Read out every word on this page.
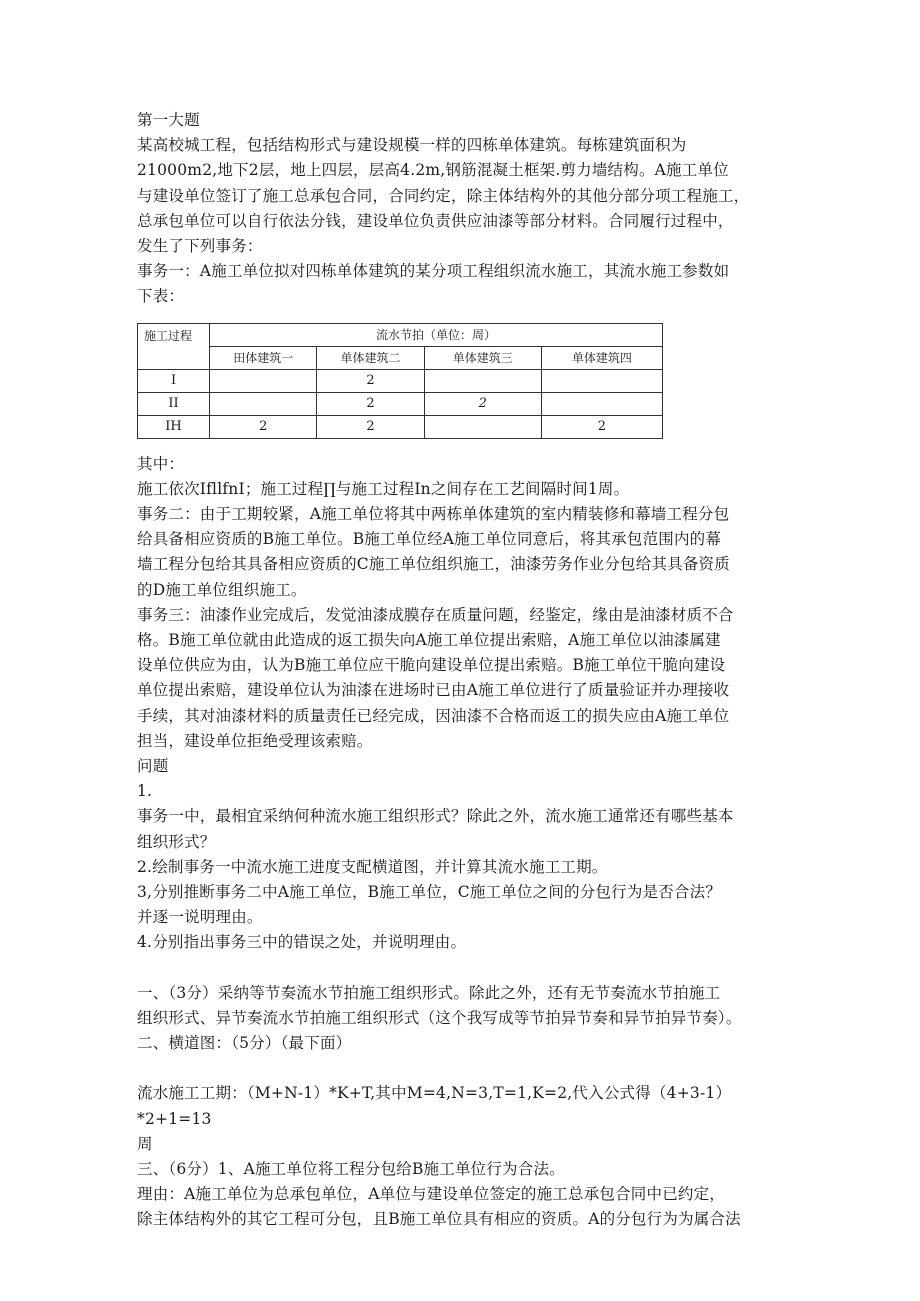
第一大题

某高校城工程，包括结构形式与建设规模一样的四栋单体建筑。每栋建筑面积为

21000m2,地下2层，地上四层，层高4.2m,钢筋混凝土框架.剪力墙结构。A施工单位

与建设单位签订了施工总承包合同，合同约定，除主体结构外的其他分部分项工程施工，

总承包单位可以自行依法分钱，建设单位负责供应油漆等部分材料。合同履行过程中，

发生了下列事务：

事务一：A施工单位拟对四栋单体建筑的某分项工程组织流水施工，其流水施工参数如

下表：

施工过程	流水节拍（单位：周）			
	田体建筑一	单体建筑二	单体建筑三	单体建筑四
I		2		
II		2	2	
IH	2	2		2

其中：

施工依次IfllfnI；施工过程∏与施工过程In之间存在工艺间隔时间1周。

事务二：由于工期较紧，A施工单位将其中两栋单体建筑的室内精装修和幕墙工程分包

给具备相应资质的B施工单位。B施工单位经A施工单位同意后，将其承包范围内的幕

墙工程分包给其具备相应资质的C施工单位组织施工，油漆劳务作业分包给其具备资质

的D施工单位组织施工。

事务三：油漆作业完成后，发觉油漆成膜存在质量问题，经鉴定，缘由是油漆材质不合

格。B施工单位就由此造成的返工损失向A施工单位提出索赔，A施工单位以油漆属建

设单位供应为由，认为B施工单位应干脆向建设单位提出索赔。B施工单位干脆向建设

单位提出索赔，建设单位认为油漆在进场时已由A施工单位进行了质量验证并办理接收

手续，其对油漆材料的质量责任已经完成，因油漆不合格而返工的损失应由A施工单位

担当，建设单位拒绝受理该索赔。

问题

1.

事务一中，最相宜采纳何种流水施工组织形式？除此之外，流水施工通常还有哪些基本

组织形式？

2.绘制事务一中流水施工进度支配横道图，并计算其流水施工工期。

3,分别推断事务二中A施工单位，B施工单位，C施工单位之间的分包行为是否合法？

并逐一说明理由。

4.分别指出事务三中的错误之处，并说明理由。

一、（3分）采纳等节奏流水节拍施工组织形式。除此之外，还有无节奏流水节拍施工

组织形式、异节奏流水节拍施工组织形式（这个我写成等节拍异节奏和异节拍异节奏）。

二、横道图：（5分）（最下面）

流水施工工期：（M+N-1）*K+T,其中M=4,N=3,T=1,K=2,代入公式得（4+3-1）*2+1=13

周

三、（6分）1、A施工单位将工程分包给B施工单位行为合法。

理由：A施工单位为总承包单位，A单位与建设单位签定的施工总承包合同中已约定，

除主体结构外的其它工程可分包，且B施工单位具有相应的资质。A的分包行为为属合法
